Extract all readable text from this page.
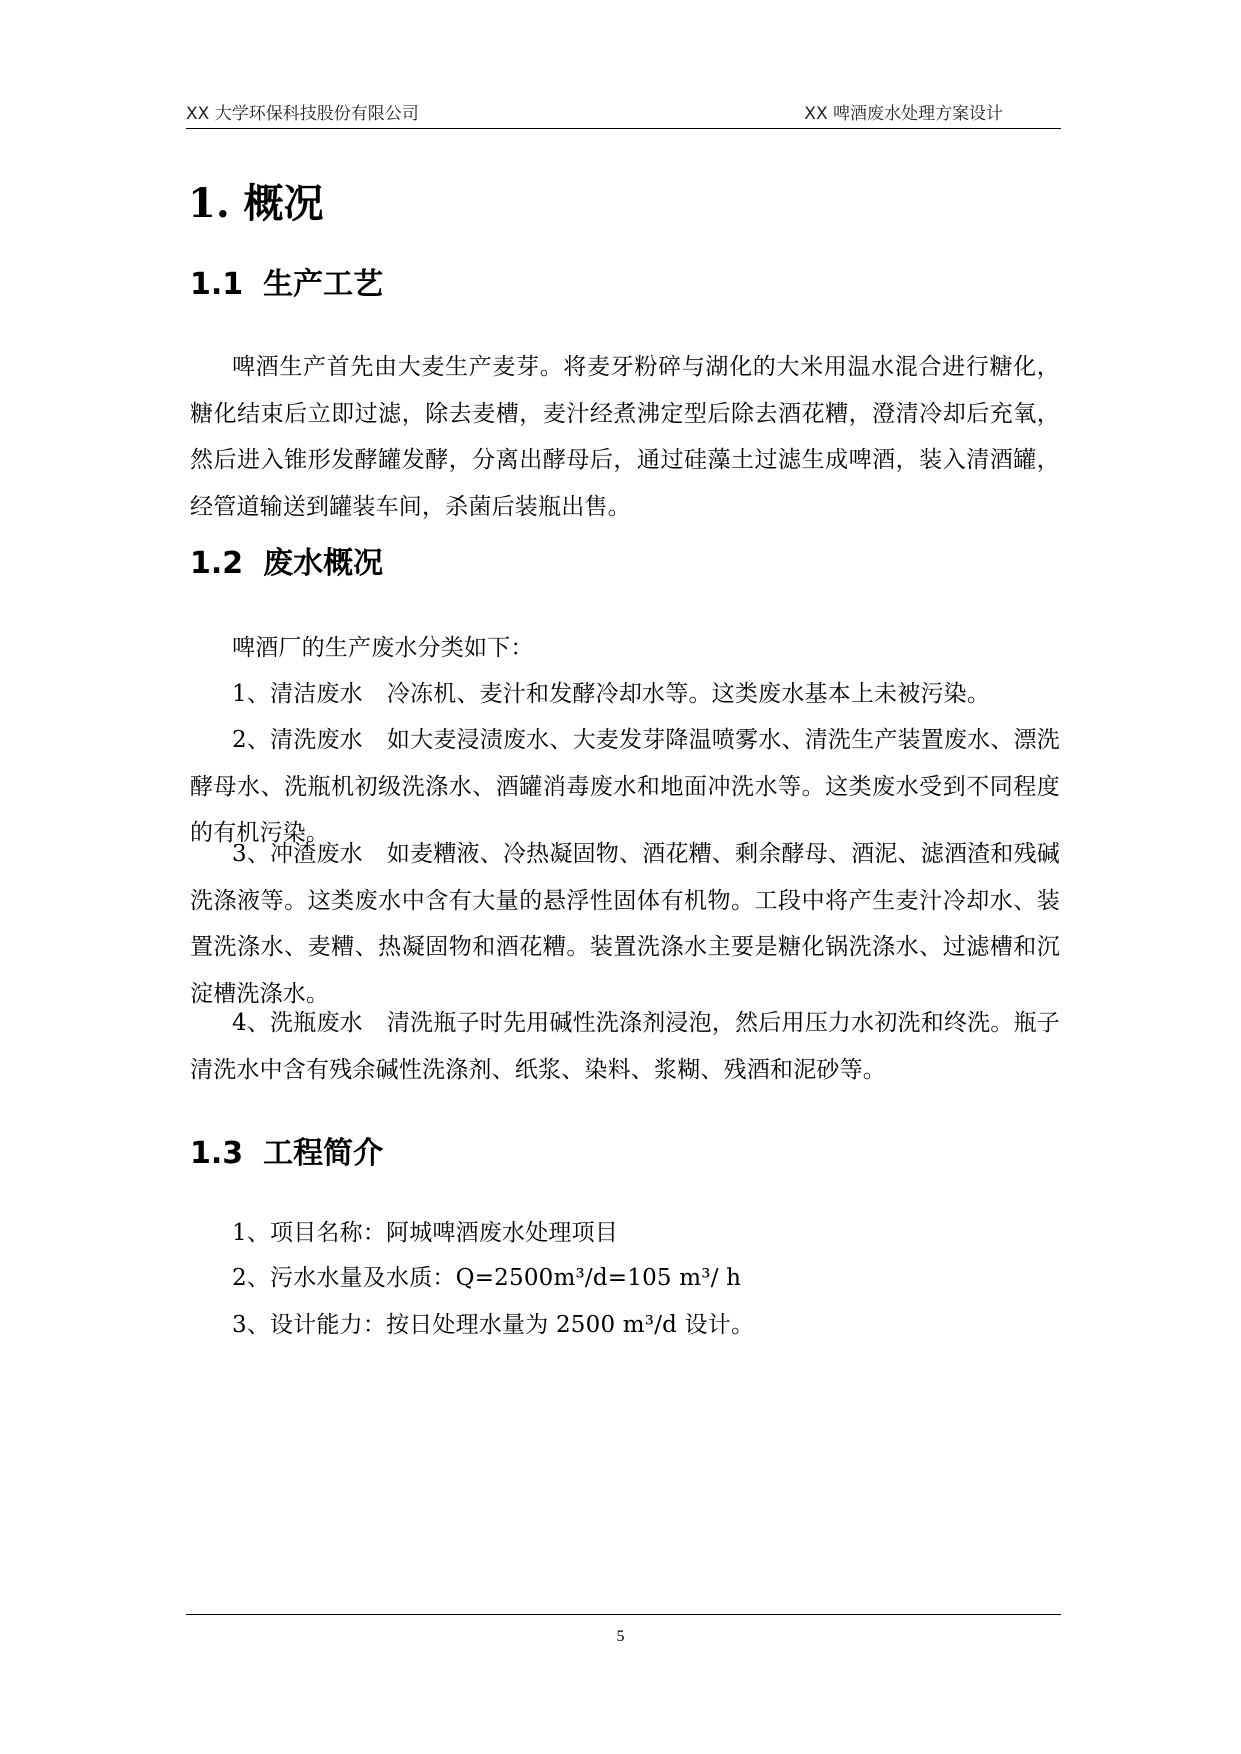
XX 大学环保科技股份有限公司	XX 啤酒废水处理方案设计
1. 概况
1.1 生产工艺
啤酒生产首先由大麦生产麦芽。将麦牙粉碎与湖化的大米用温水混合进行糖化，糖化结束后立即过滤，除去麦槽，麦汁经煮沸定型后除去酒花糟，澄清冷却后充氧，然后进入锥形发酵罐发酵，分离出酵母后，通过硅藻土过滤生成啤酒，装入清酒罐，经管道输送到罐装车间，杀菌后装瓶出售。
1.2 废水概况
啤酒厂的生产废水分类如下：
1、清洁废水 冷冻机、麦汁和发酵冷却水等。这类废水基本上未被污染。
2、清洗废水 如大麦浸渍废水、大麦发芽降温喷雾水、清洗生产装置废水、漂洗酵母水、洗瓶机初级洗涤水、酒罐消毒废水和地面冲洗水等。这类废水受到不同程度的有机污染。
3、冲渣废水 如麦糟液、冷热凝固物、酒花糟、剩余酵母、酒泥、滤酒渣和残碱洗涤液等。这类废水中含有大量的悬浮性固体有机物。工段中将产生麦汁冷却水、装置洗涤水、麦糟、热凝固物和酒花糟。装置洗涤水主要是糖化锅洗涤水、过滤槽和沉淀槽洗涤水。
4、洗瓶废水 清洗瓶子时先用碱性洗涤剂浸泡，然后用压力水初洗和终洗。瓶子清洗水中含有残余碱性洗涤剂、纸浆、染料、浆糊、残酒和泥砂等。
1.3 工程简介
1、项目名称：阿城啤酒废水处理项目
2、污水水量及水质：Q=2500m³/d=105 m³/ h
3、设计能力：按日处理水量为 2500 m³/d 设计。
5
